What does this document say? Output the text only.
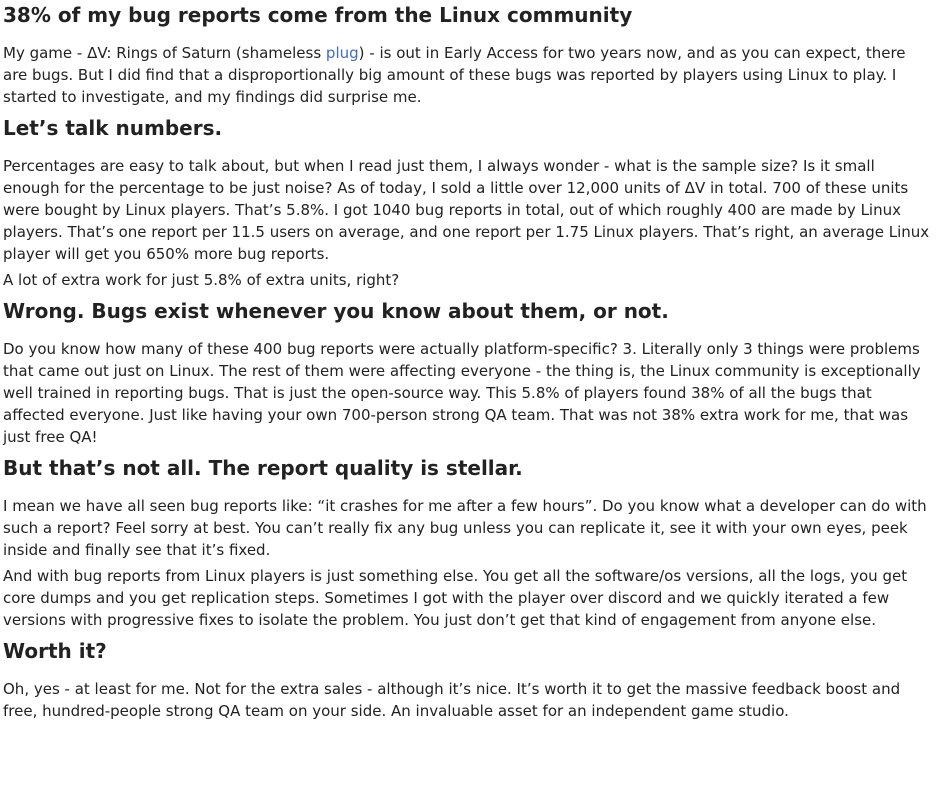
38% of my bug reports come from the Linux community

My game - ΔV: Rings of Saturn (shameless plug) - is out in Early Access for two years now, and as you can expect, there are bugs. But I did find that a disproportionally big amount of these bugs was reported by players using Linux to play. I started to investigate, and my findings did surprise me.

Let’s talk numbers.

Percentages are easy to talk about, but when I read just them, I always wonder - what is the sample size? Is it small enough for the percentage to be just noise? As of today, I sold a little over 12,000 units of ΔV in total. 700 of these units were bought by Linux players. That’s 5.8%. I got 1040 bug reports in total, out of which roughly 400 are made by Linux players. That’s one report per 11.5 users on average, and one report per 1.75 Linux players. That’s right, an average Linux player will get you 650% more bug reports.

A lot of extra work for just 5.8% of extra units, right?

Wrong. Bugs exist whenever you know about them, or not.

Do you know how many of these 400 bug reports were actually platform-specific? 3. Literally only 3 things were problems that came out just on Linux. The rest of them were affecting everyone - the thing is, the Linux community is exceptionally well trained in reporting bugs. That is just the open-source way. This 5.8% of players found 38% of all the bugs that affected everyone. Just like having your own 700-person strong QA team. That was not 38% extra work for me, that was just free QA!

But that’s not all. The report quality is stellar.

I mean we have all seen bug reports like: “it crashes for me after a few hours”. Do you know what a developer can do with such a report? Feel sorry at best. You can’t really fix any bug unless you can replicate it, see it with your own eyes, peek inside and finally see that it’s fixed.

And with bug reports from Linux players is just something else. You get all the software/os versions, all the logs, you get core dumps and you get replication steps. Sometimes I got with the player over discord and we quickly iterated a few versions with progressive fixes to isolate the problem. You just don’t get that kind of engagement from anyone else.

Worth it?

Oh, yes - at least for me. Not for the extra sales - although it’s nice. It’s worth it to get the massive feedback boost and free, hundred-people strong QA team on your side. An invaluable asset for an independent game studio.
